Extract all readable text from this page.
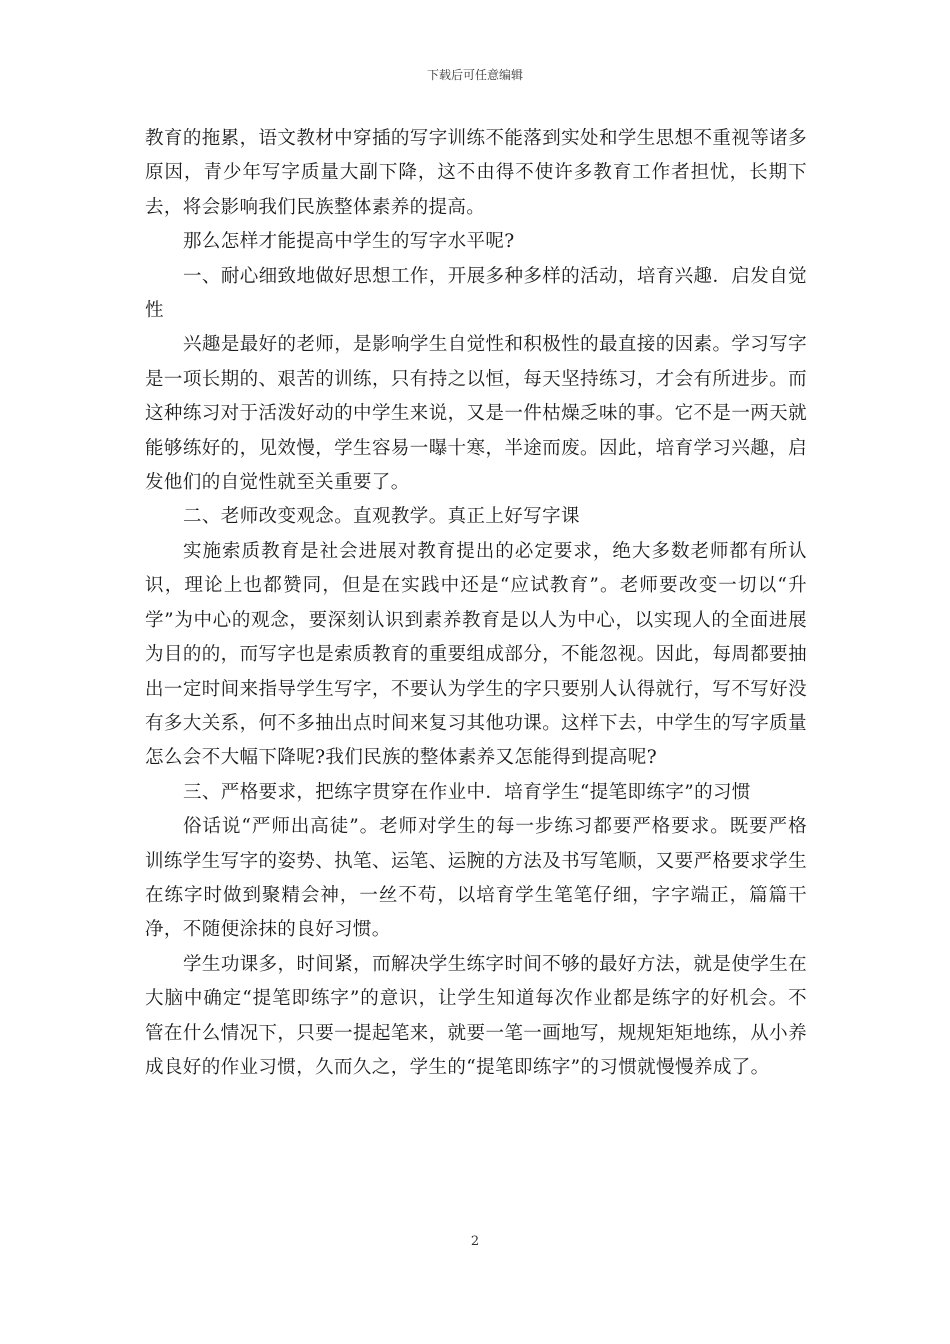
下载后可任意编辑

教育的拖累，语文教材中穿插的写字训练不能落到实处和学生思想不重视等诸多原因，青少年写字质量大副下降，这不由得不使许多教育工作者担忧，长期下去，将会影响我们民族整体素养的提高。

那么怎样才能提高中学生的写字水平呢?

一、耐心细致地做好思想工作，开展多种多样的活动，培育兴趣．启发自觉性

兴趣是最好的老师，是影响学生自觉性和积极性的最直接的因素。学习写字是一项长期的、艰苦的训练，只有持之以恒，每天坚持练习，才会有所进步。而这种练习对于活泼好动的中学生来说，又是一件枯燥乏味的事。它不是一两天就能够练好的，见效慢，学生容易一曝十寒，半途而废。因此，培育学习兴趣，启发他们的自觉性就至关重要了。

二、老师改变观念。直观教学。真正上好写字课

实施索质教育是社会进展对教育提出的必定要求，绝大多数老师都有所认识，理论上也都赞同，但是在实践中还是“应试教育”。老师要改变一切以“升学”为中心的观念，要深刻认识到素养教育是以人为中心，以实现人的全面进展为目的的，而写字也是索质教育的重要组成部分，不能忽视。因此，每周都要抽出一定时间来指导学生写字，不要认为学生的字只要别人认得就行，写不写好没有多大关系，何不多抽出点时间来复习其他功课。这样下去，中学生的写字质量怎么会不大幅下降呢?我们民族的整体素养又怎能得到提高呢?

三、严格要求，把练字贯穿在作业中．培育学生“提笔即练字”的习惯

俗话说“严师出高徒”。老师对学生的每一步练习都要严格要求。既要严格训练学生写字的姿势、执笔、运笔、运腕的方法及书写笔顺，又要严格要求学生在练字时做到聚精会神，一丝不苟，以培育学生笔笔仔细，字字端正，篇篇干净，不随便涂抹的良好习惯。

学生功课多，时间紧，而解决学生练字时间不够的最好方法，就是使学生在大脑中确定“提笔即练字”的意识，让学生知道每次作业都是练字的好机会。不管在什么情况下，只要一提起笔来，就要一笔一画地写，规规矩矩地练，从小养成良好的作业习惯，久而久之，学生的“提笔即练字”的习惯就慢慢养成了。

2
